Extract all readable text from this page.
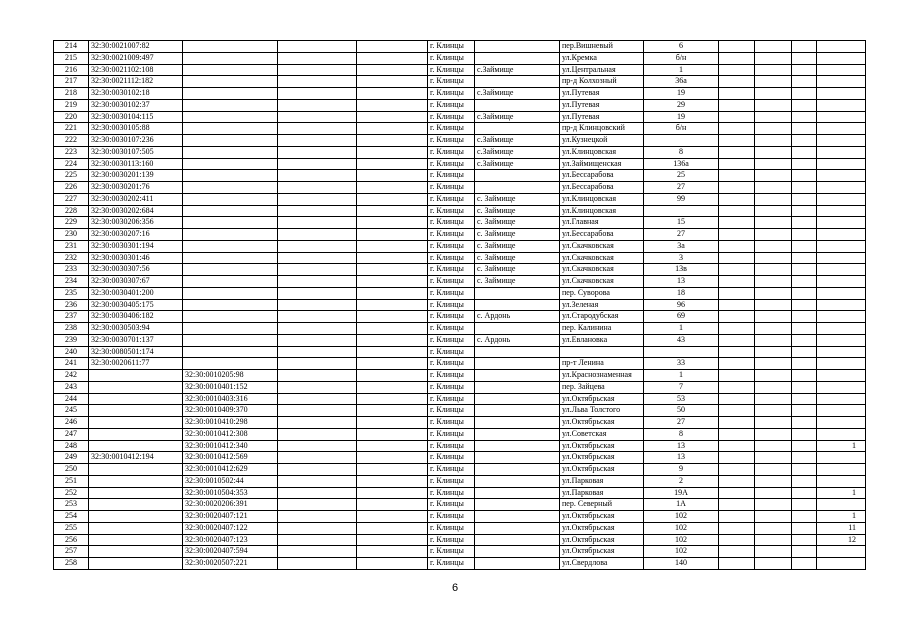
214	32:30:0021007:82				г. Клинцы		пер.Вишневый	6				
215	32:30:0021009:497				г. Клинцы		ул.Кремка	б/н				
216	32:30:0021102:108				г. Клинцы	с.Займище	ул.Центральная	1				
217	32:30:0021112:182				г. Клинцы		пр-д Колхозный	36а				
218	32:30:0030102:18				г. Клинцы	с.Займище	ул.Путевая	19				
219	32:30:0030102:37				г. Клинцы		ул.Путевая	29				
220	32:30:0030104:115				г. Клинцы	с.Займище	ул.Путевая	19				
221	32:30:0030105:88				г. Клинцы		пр-д Клинцовский	б/н				
222	32:30:0030107:236				г. Клинцы	с.Займище	ул.Кузнецкой					
223	32:30:0030107:505				г. Клинцы	с.Займище	ул.Клинцовская	8				
224	32:30:0030113:160				г. Клинцы	с.Займище	ул.Займищенская	136а				
225	32:30:0030201:139				г. Клинцы		ул.Бессарабова	25				
226	32:30:0030201:76				г. Клинцы		ул.Бессарабова	27				
227	32:30:0030202:411				г. Клинцы	с. Займище	ул.Клинцовская	99				
228	32:30:0030202:684				г. Клинцы	с. Займище	ул.Клинцовская					
229	32:30:0030206:356				г. Клинцы	с. Займище	ул.Главная	15				
230	32:30:0030207:16				г. Клинцы	с. Займище	ул.Бессарабова	27				
231	32:30:0030301:194				г. Клинцы	с. Займище	ул.Скачковская	3а				
232	32:30:0030301:46				г. Клинцы	с. Займище	ул.Скачковская	3				
233	32:30:0030307:56				г. Клинцы	с. Займище	ул.Скачковская	13в				
234	32:30:0030307:67				г. Клинцы	с. Займище	ул.Скачковская	13				
235	32:30:0030401:200				г. Клинцы		пер. Суворова	18				
236	32:30:0030405:175				г. Клинцы		ул.Зеленая	96				
237	32:30:0030406:182				г. Клинцы	с. Ардонь	ул.Стародубская	69				
238	32:30:0030503:94				г. Клинцы		пер. Калинина	1				
239	32:30:0030701:137				г. Клинцы	с. Ардонь	ул.Евлановка	43				
240	32:30:0080501:174				г. Клинцы							
241	32:30:0020611:77				г. Клинцы		пр-т Ленина	33				
242		32:30:0010205:98			г. Клинцы		ул.Краснознаменная	1				
243		32:30:0010401:152			г. Клинцы		пер. Зайцева	7				
244		32:30:0010403:316			г. Клинцы		ул.Октябрьская	53				
245		32:30:0010409:370			г. Клинцы		ул.Льва Толстого	50				
246		32:30:0010410:298			г. Клинцы		ул.Октябрьская	27				
247		32:30:0010412:308			г. Клинцы		ул.Советская	8				
248		32:30:0010412:340			г. Клинцы		ул.Октябрьская	13				1
249	32:30:0010412:194	32:30:0010412:569			г. Клинцы		ул.Октябрьская	13				
250		32:30:0010412:629			г. Клинцы		ул.Октябрьская	9				
251		32:30:0010502:44			г. Клинцы		ул.Парковая	2				
252		32:30:0010504:353			г. Клинцы		ул.Парковая	19А				1
253		32:30:0020206:391			г. Клинцы		пер. Северный	1А				
254		32:30:0020407:121			г. Клинцы		ул.Октябрьская	102				1
255		32:30:0020407:122			г. Клинцы		ул.Октябрьская	102				11
256		32:30:0020407:123			г. Клинцы		ул.Октябрьская	102				12
257		32:30:0020407:594			г. Клинцы		ул.Октябрьская	102				
258		32:30:0020507:221			г. Клинцы		ул.Свердлова	140				
6
